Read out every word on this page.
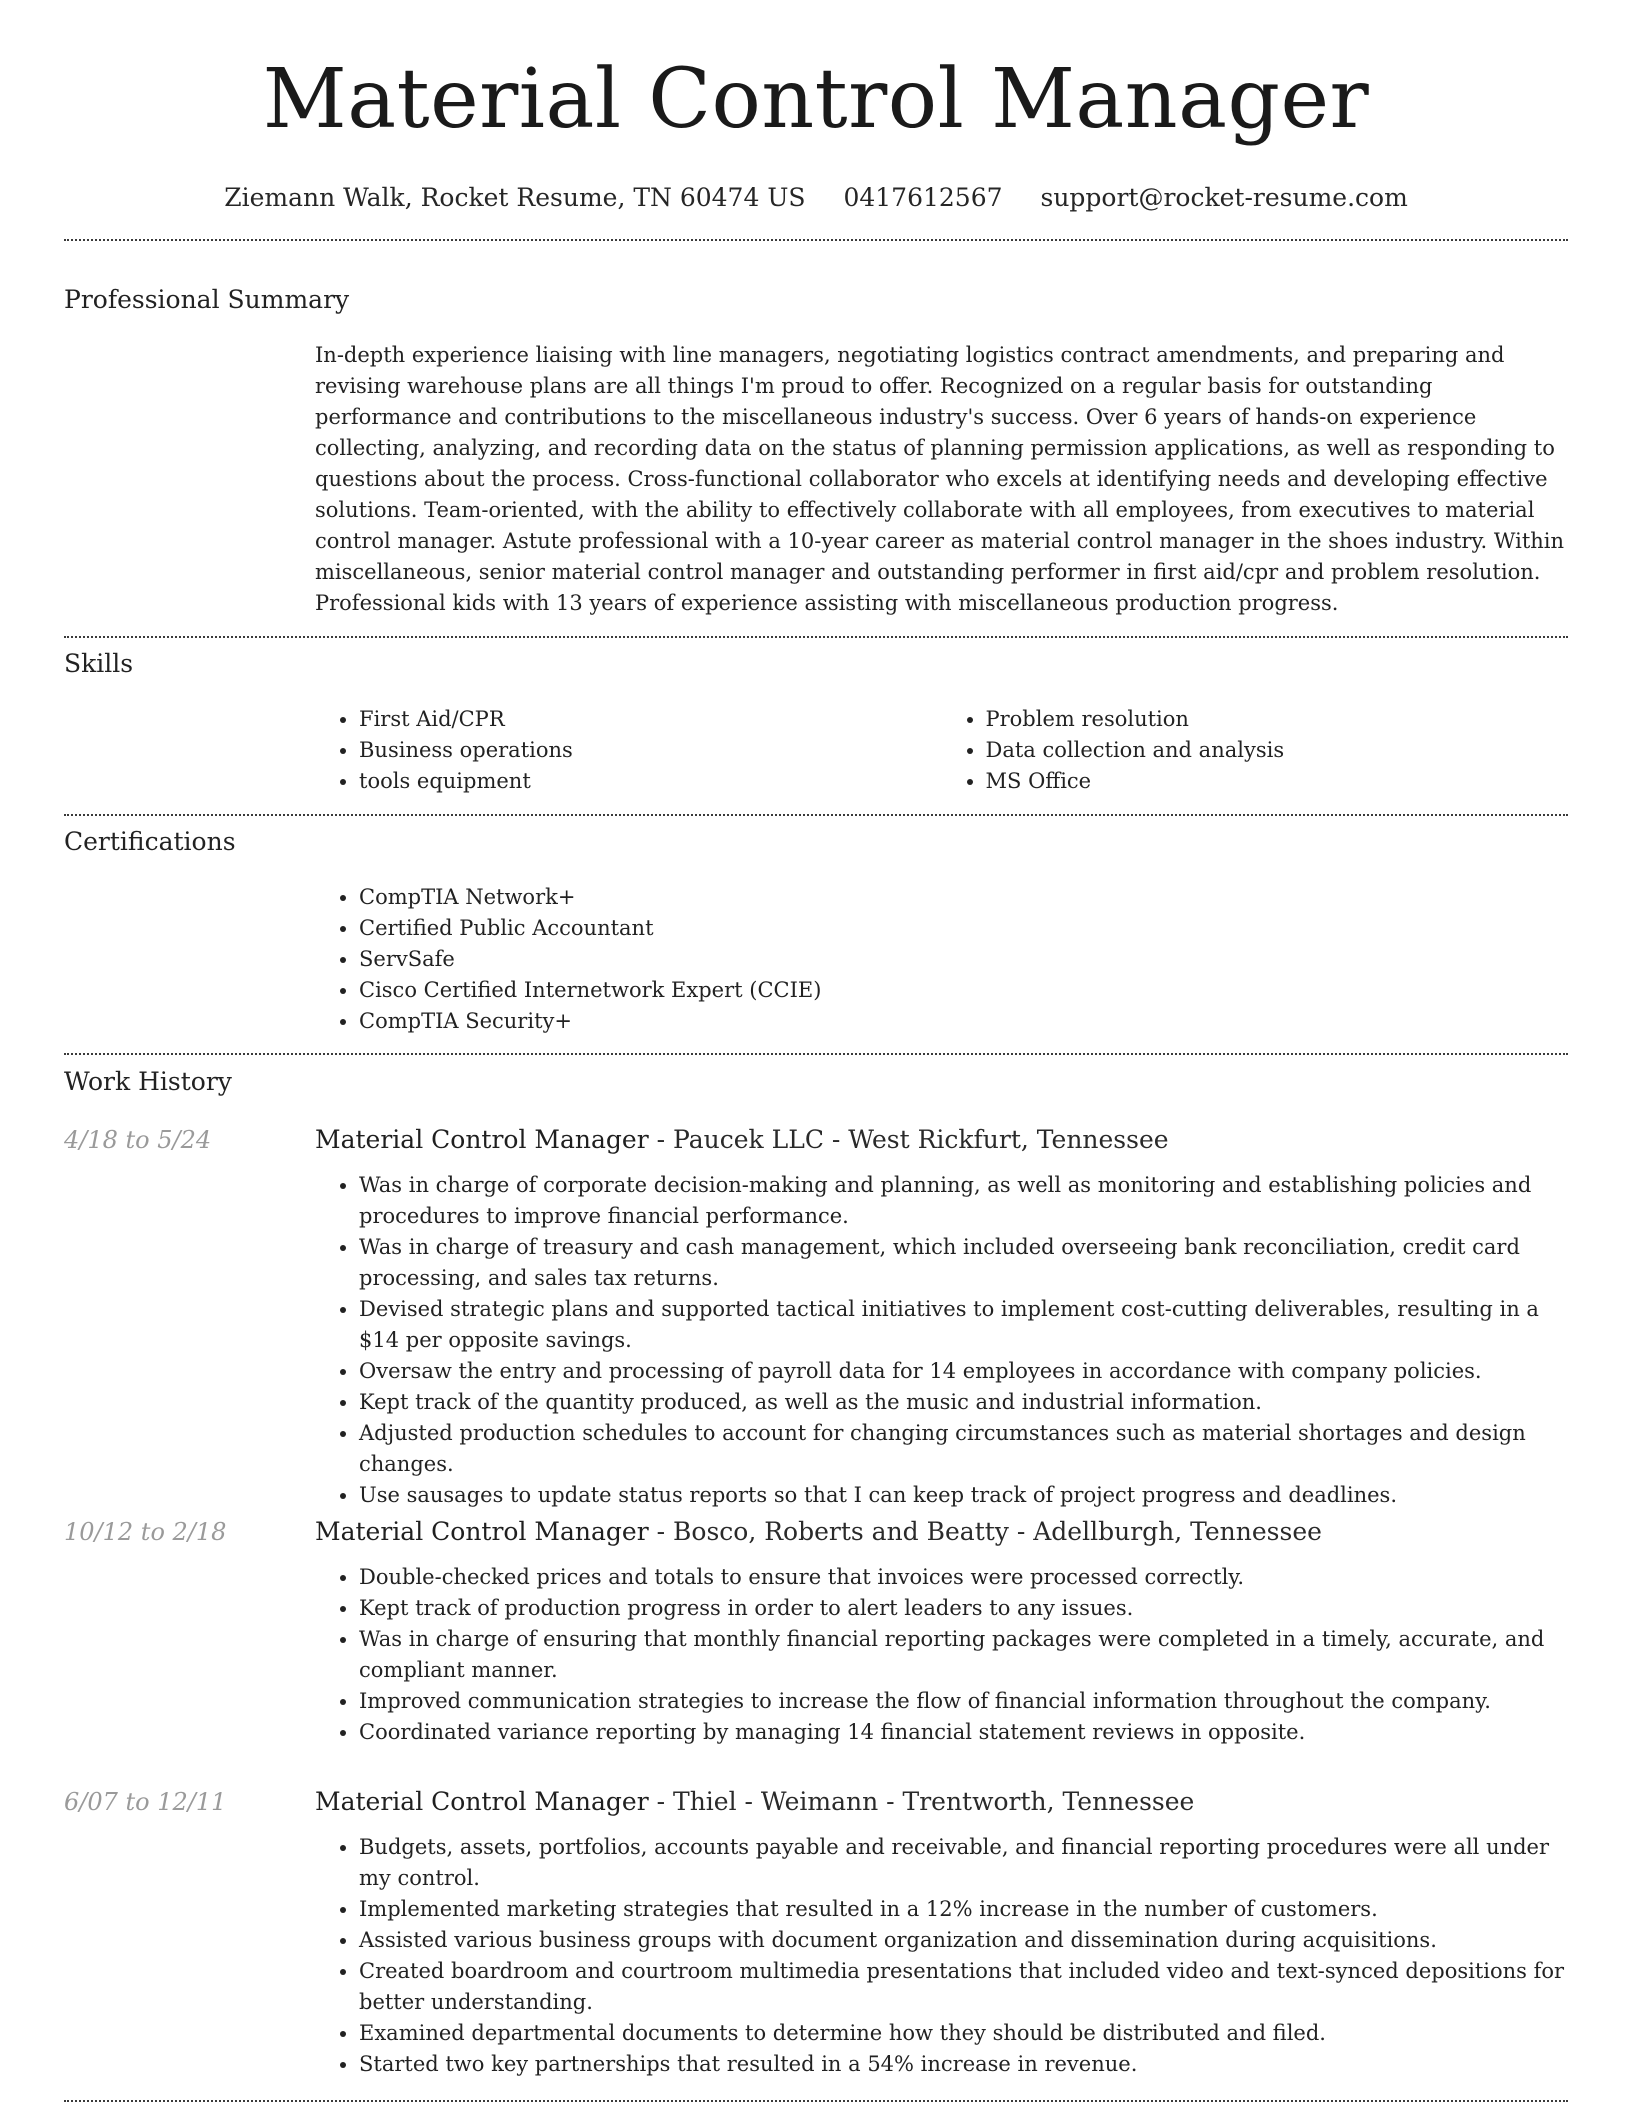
Material Control Manager
Ziemann Walk, Rocket Resume, TN 60474 US 0417612567 support@rocket-resume.com
Professional Summary

In-depth experience liaising with line managers, negotiating logistics contract amendments, and preparing and revising warehouse plans are all things I'm proud to offer. Recognized on a regular basis for outstanding performance and contributions to the miscellaneous industry's success. Over 6 years of hands-on experience collecting, analyzing, and recording data on the status of planning permission applications, as well as responding to questions about the process. Cross-functional collaborator who excels at identifying needs and developing effective solutions. Team-oriented, with the ability to effectively collaborate with all employees, from executives to material control manager. Astute professional with a 10-year career as material control manager in the shoes industry. Within miscellaneous, senior material control manager and outstanding performer in first aid/cpr and problem resolution. Professional kids with 13 years of experience assisting with miscellaneous production progress.

Skills
• First Aid/CPR
• Business operations
• tools equipment
• Problem resolution
• Data collection and analysis
• MS Office
Certifications
• CompTIA Network+
• Certified Public Accountant
• ServSafe
• Cisco Certified Internetwork Expert (CCIE)
• CompTIA Security+
Work History
4/18 to 5/24	Material Control Manager - Paucek LLC - West Rickfurt, Tennessee
• Was in charge of corporate decision-making and planning, as well as monitoring and establishing policies and procedures to improve financial performance.
• Was in charge of treasury and cash management, which included overseeing bank reconciliation, credit card processing, and sales tax returns.
• Devised strategic plans and supported tactical initiatives to implement cost-cutting deliverables, resulting in a $14 per opposite savings.
• Oversaw the entry and processing of payroll data for 14 employees in accordance with company policies.
• Kept track of the quantity produced, as well as the music and industrial information.
• Adjusted production schedules to account for changing circumstances such as material shortages and design changes.
• Use sausages to update status reports so that I can keep track of project progress and deadlines.
10/12 to 2/18	Material Control Manager - Bosco, Roberts and Beatty - Adellburgh, Tennessee
• Double-checked prices and totals to ensure that invoices were processed correctly.
• Kept track of production progress in order to alert leaders to any issues.
• Was in charge of ensuring that monthly financial reporting packages were completed in a timely, accurate, and compliant manner.
• Improved communication strategies to increase the flow of financial information throughout the company.
• Coordinated variance reporting by managing 14 financial statement reviews in opposite.
6/07 to 12/11	Material Control Manager - Thiel - Weimann - Trentworth, Tennessee
• Budgets, assets, portfolios, accounts payable and receivable, and financial reporting procedures were all under my control.
• Implemented marketing strategies that resulted in a 12% increase in the number of customers.
• Assisted various business groups with document organization and dissemination during acquisitions.
• Created boardroom and courtroom multimedia presentations that included video and text-synced depositions for better understanding.
• Examined departmental documents to determine how they should be distributed and filed.
• Started two key partnerships that resulted in a 54% increase in revenue.
